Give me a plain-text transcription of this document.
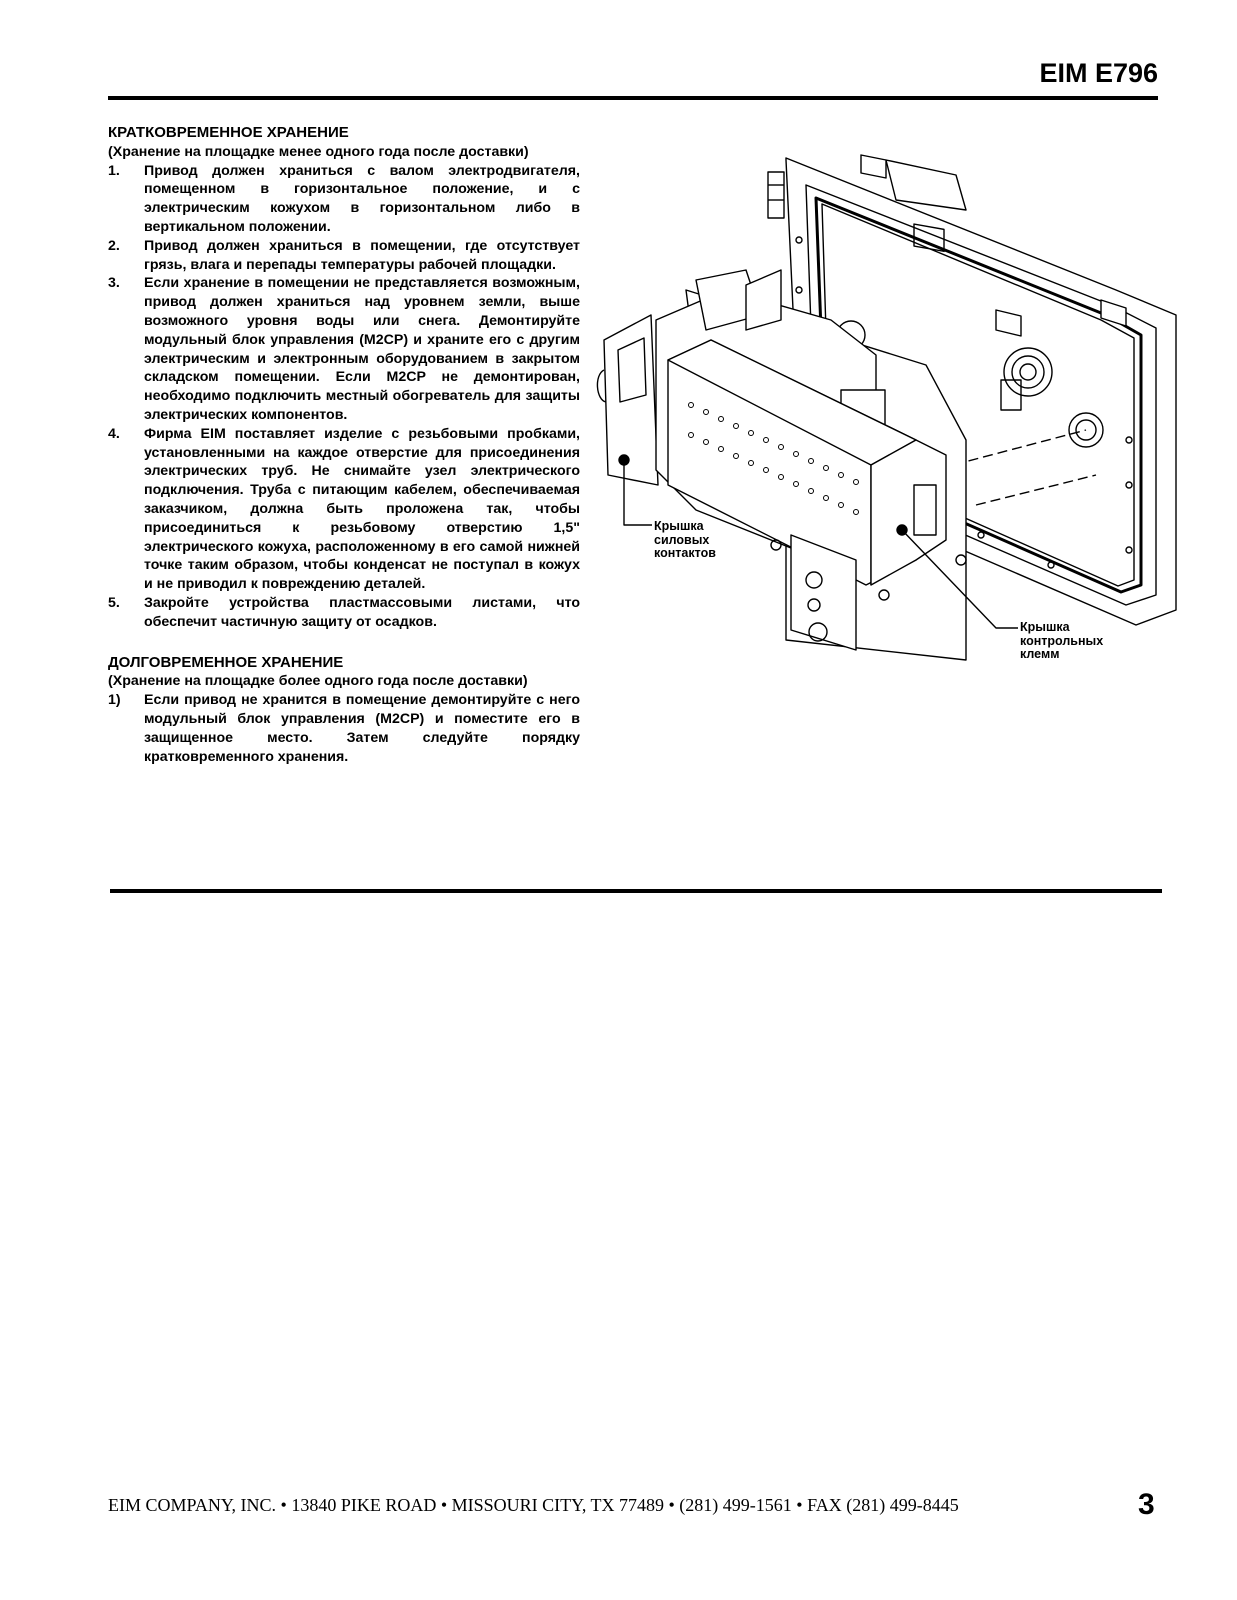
EIM E796

КРАТКОВРЕМЕННОЕ ХРАНЕНИЕ

(Хранение на площадке менее одного года после доставки)

1. Привод должен храниться с валом электродвигателя, помещенном в горизонтальное положение, и с электрическим кожухом в горизонтальном либо в вертикальном положении.
2. Привод должен храниться в помещении, где отсутствует грязь, влага и перепады температуры рабочей площадки.
3. Если хранение в помещении не представляется возможным, привод должен храниться над уровнем земли, выше возможного уровня воды или снега. Демонтируйте модульный блок управления (M2CP) и храните его с другим электрическим и электронным оборудованием в закрытом складском помещении. Если M2CP не демонтирован, необходимо подключить местный обогреватель для защиты электрических компонентов.
4. Фирма EIM поставляет изделие с резьбовыми пробками, установленными на каждое отверстие для присоединения электрических труб. Не снимайте узел электрического подключения. Труба с питающим кабелем, обеспечиваемая заказчиком, должна быть проложена так, чтобы присоединиться к резьбовому отверстию 1,5" электрического кожуха, расположенному в его самой нижней точке таким образом, чтобы конденсат не поступал в кожух и не приводил к повреждению деталей.
5. Закройте устройства пластмассовыми листами, что обеспечит частичную защиту от осадков.

ДОЛГОВРЕМЕННОЕ ХРАНЕНИЕ

(Хранение на площадке более одного года после доставки)

1) Если привод не хранится в помещение демонтируйте с него модульный блок управления (M2CP) и поместите его в защищенное место. Затем следуйте порядку кратковременного хранения.
Крышка силовых контактов
Крышка контрольных клемм
EIM COMPANY, INC. • 13840 PIKE ROAD • MISSOURI CITY, TX 77489 • (281) 499-1561 • FAX (281) 499-8445	3
